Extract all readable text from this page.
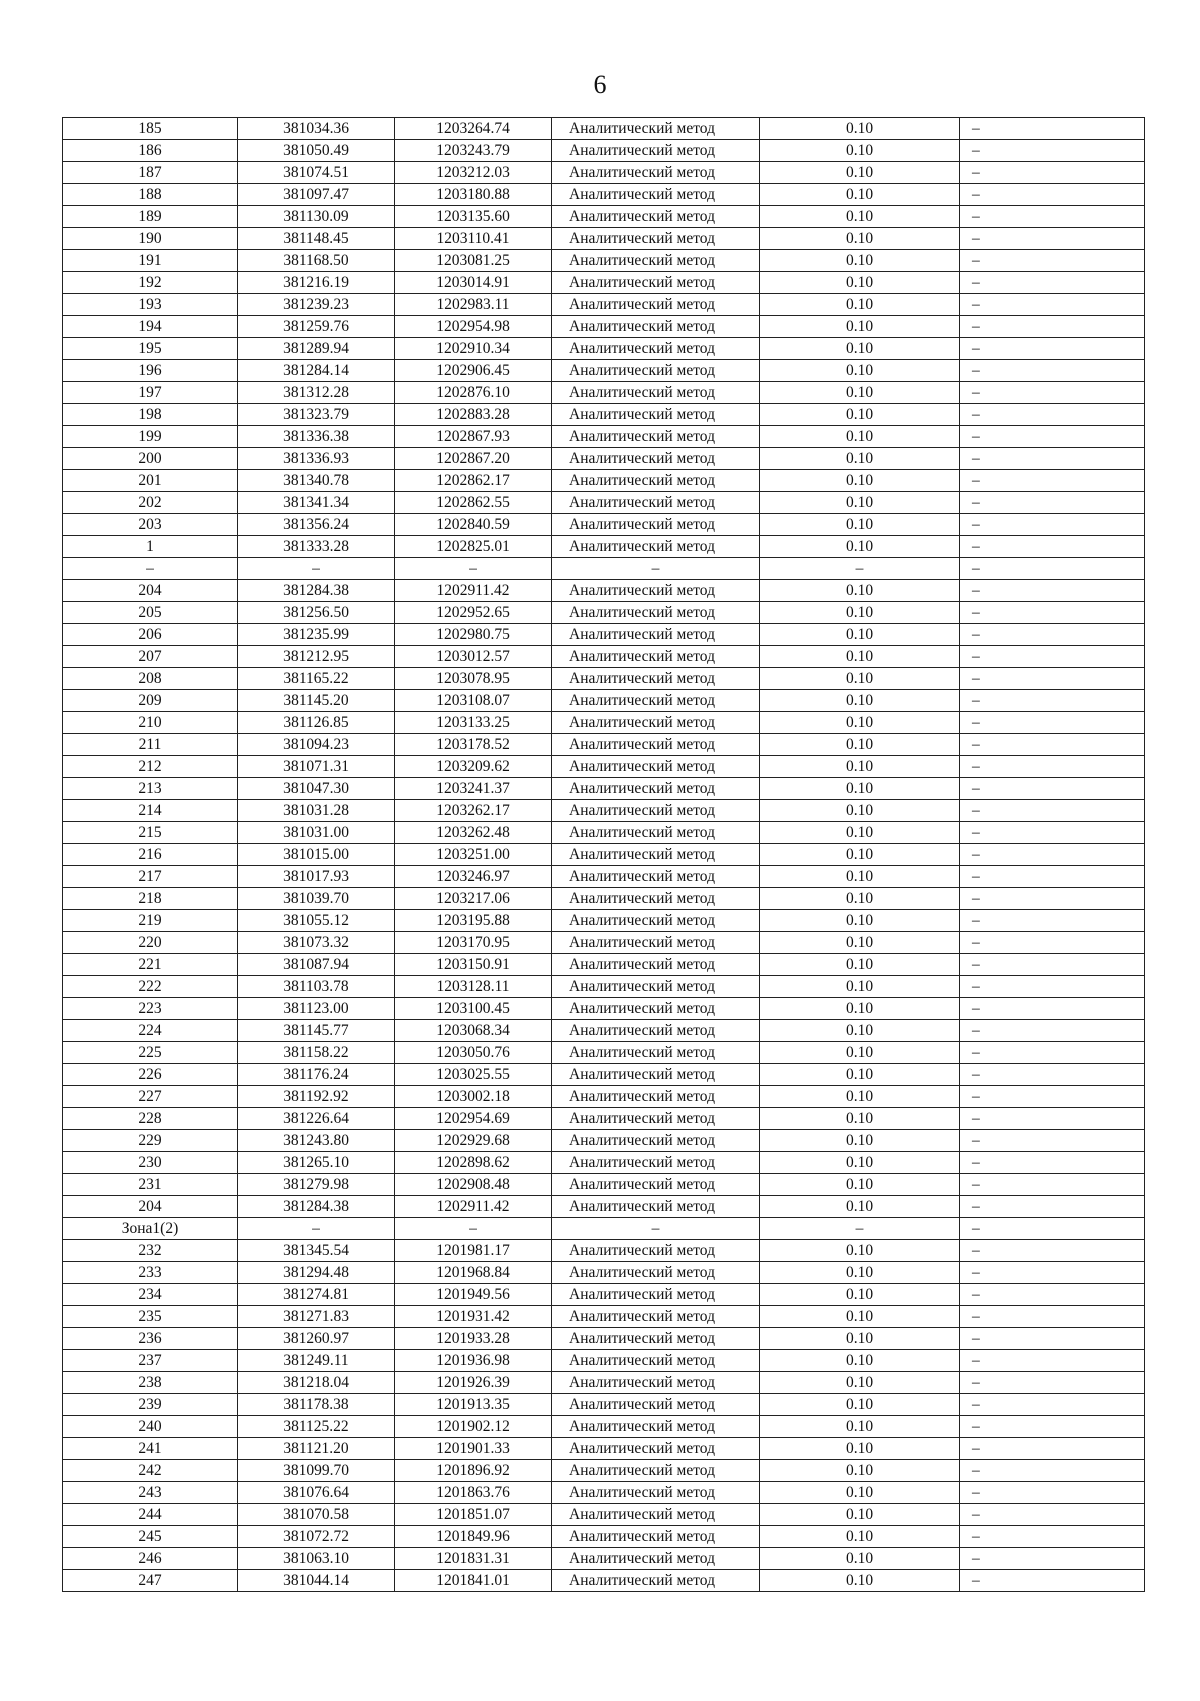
6
185	381034.36	1203264.74	Аналитический метод	0.10	–
186	381050.49	1203243.79	Аналитический метод	0.10	–
187	381074.51	1203212.03	Аналитический метод	0.10	–
188	381097.47	1203180.88	Аналитический метод	0.10	–
189	381130.09	1203135.60	Аналитический метод	0.10	–
190	381148.45	1203110.41	Аналитический метод	0.10	–
191	381168.50	1203081.25	Аналитический метод	0.10	–
192	381216.19	1203014.91	Аналитический метод	0.10	–
193	381239.23	1202983.11	Аналитический метод	0.10	–
194	381259.76	1202954.98	Аналитический метод	0.10	–
195	381289.94	1202910.34	Аналитический метод	0.10	–
196	381284.14	1202906.45	Аналитический метод	0.10	–
197	381312.28	1202876.10	Аналитический метод	0.10	–
198	381323.79	1202883.28	Аналитический метод	0.10	–
199	381336.38	1202867.93	Аналитический метод	0.10	–
200	381336.93	1202867.20	Аналитический метод	0.10	–
201	381340.78	1202862.17	Аналитический метод	0.10	–
202	381341.34	1202862.55	Аналитический метод	0.10	–
203	381356.24	1202840.59	Аналитический метод	0.10	–
1	381333.28	1202825.01	Аналитический метод	0.10	–
–	–	–	–	–	–
204	381284.38	1202911.42	Аналитический метод	0.10	–
205	381256.50	1202952.65	Аналитический метод	0.10	–
206	381235.99	1202980.75	Аналитический метод	0.10	–
207	381212.95	1203012.57	Аналитический метод	0.10	–
208	381165.22	1203078.95	Аналитический метод	0.10	–
209	381145.20	1203108.07	Аналитический метод	0.10	–
210	381126.85	1203133.25	Аналитический метод	0.10	–
211	381094.23	1203178.52	Аналитический метод	0.10	–
212	381071.31	1203209.62	Аналитический метод	0.10	–
213	381047.30	1203241.37	Аналитический метод	0.10	–
214	381031.28	1203262.17	Аналитический метод	0.10	–
215	381031.00	1203262.48	Аналитический метод	0.10	–
216	381015.00	1203251.00	Аналитический метод	0.10	–
217	381017.93	1203246.97	Аналитический метод	0.10	–
218	381039.70	1203217.06	Аналитический метод	0.10	–
219	381055.12	1203195.88	Аналитический метод	0.10	–
220	381073.32	1203170.95	Аналитический метод	0.10	–
221	381087.94	1203150.91	Аналитический метод	0.10	–
222	381103.78	1203128.11	Аналитический метод	0.10	–
223	381123.00	1203100.45	Аналитический метод	0.10	–
224	381145.77	1203068.34	Аналитический метод	0.10	–
225	381158.22	1203050.76	Аналитический метод	0.10	–
226	381176.24	1203025.55	Аналитический метод	0.10	–
227	381192.92	1203002.18	Аналитический метод	0.10	–
228	381226.64	1202954.69	Аналитический метод	0.10	–
229	381243.80	1202929.68	Аналитический метод	0.10	–
230	381265.10	1202898.62	Аналитический метод	0.10	–
231	381279.98	1202908.48	Аналитический метод	0.10	–
204	381284.38	1202911.42	Аналитический метод	0.10	–
Зона1(2)	–	–	–	–	–
232	381345.54	1201981.17	Аналитический метод	0.10	–
233	381294.48	1201968.84	Аналитический метод	0.10	–
234	381274.81	1201949.56	Аналитический метод	0.10	–
235	381271.83	1201931.42	Аналитический метод	0.10	–
236	381260.97	1201933.28	Аналитический метод	0.10	–
237	381249.11	1201936.98	Аналитический метод	0.10	–
238	381218.04	1201926.39	Аналитический метод	0.10	–
239	381178.38	1201913.35	Аналитический метод	0.10	–
240	381125.22	1201902.12	Аналитический метод	0.10	–
241	381121.20	1201901.33	Аналитический метод	0.10	–
242	381099.70	1201896.92	Аналитический метод	0.10	–
243	381076.64	1201863.76	Аналитический метод	0.10	–
244	381070.58	1201851.07	Аналитический метод	0.10	–
245	381072.72	1201849.96	Аналитический метод	0.10	–
246	381063.10	1201831.31	Аналитический метод	0.10	–
247	381044.14	1201841.01	Аналитический метод	0.10	–
